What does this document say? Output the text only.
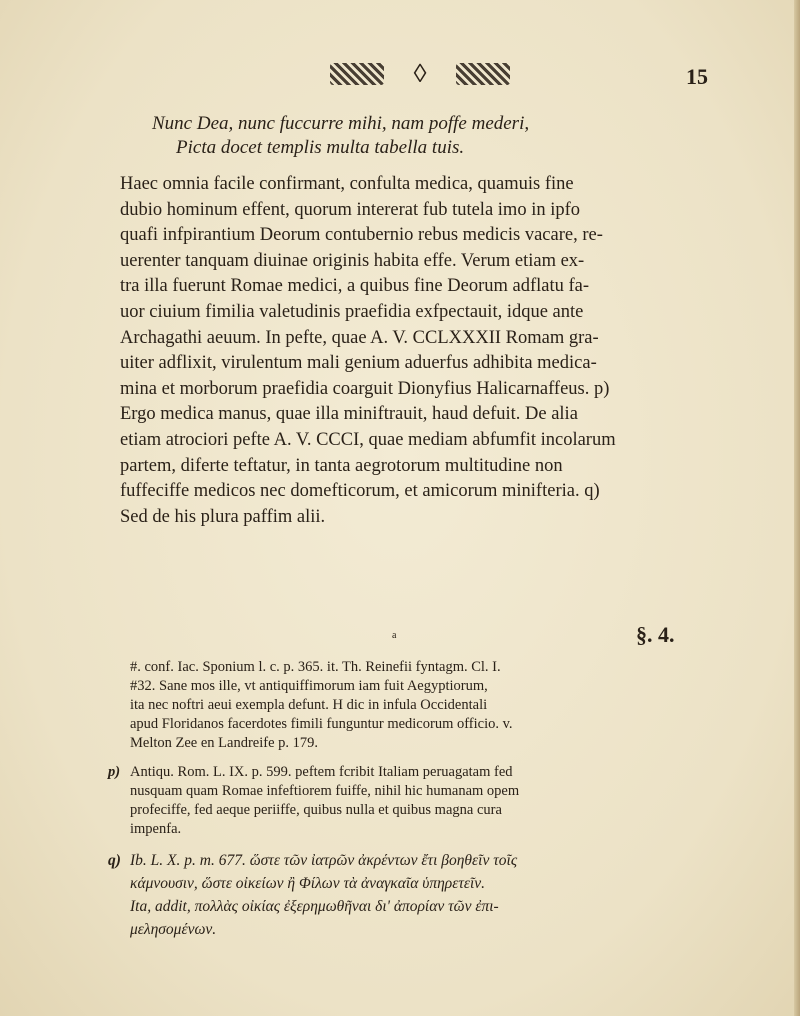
◊	15
Nunc Dea, nunc fuccurre mihi, nam poffe mederi,
Picta docet templis multa tabella tuis.
Haec omnia facile confirmant, confulta medica, quamuis fine
dubio hominum effent, quorum intererat fub tutela imo in ipfo
quafi infpirantium Deorum contubernio rebus medicis vacare, re-
uerenter tanquam diuinae originis habita effe. Verum etiam ex-
tra illa fuerunt Romae medici, a quibus fine Deorum adflatu fa-
uor ciuium fimilia valetudinis praefidia exfpectauit, idque ante
Archagathi aeuum. In pefte, quae A. V. CCLXXXII Romam gra-
uiter adflixit, virulentum mali genium aduerfus adhibita medica-
mina et morborum praefidia coarguit Dionyfius Halicarnaffeus. p)
Ergo medica manus, quae illa miniftrauit, haud defuit. De alia
etiam atrociori pefte A. V. CCCI, quae mediam abfumfit incolarum
partem, diferte teftatur, in tanta aegrotorum multitudine non
fuffeciffe medicos nec domefticorum, et amicorum minifteria. q)
Sed de his plura paffim alii.
a	§. 4.
#. conf. Iac. Sponium l. c. p. 365. it. Th. Reinefii fyntagm. Cl. I.
#32. Sane mos ille, vt antiquiffimorum iam fuit Aegyptiorum,
ita nec noftri aeui exempla defunt. H dic in infula Occidentali
apud Floridanos facerdotes fimili funguntur medicorum officio. v.
Melton Zee en Landreife p. 179.
p) Antiqu. Rom. L. IX. p. 599. peftem fcribit Italiam peruagatam fed
nusquam quam Romae infeftiorem fuiffe, nihil hic humanam opem
profeciffe, fed aeque periiffe, quibus nulla et quibus magna cura
impenfa.
q) Ib. L. X. p. m. 677. ὥστε τῶν ἰατρῶν ἀκρέντων ἔτι βοηθεῖν τοῖς
κάμνουσιν, ὥστε οἰκείων ἢ Φίλων τὰ ἀναγκαῖα ὑπηρετεῖν.
Ita, addit, πολλὰς οἰκίας ἐξερημωθῆναι δι' ἀπορίαν τῶν ἐπι-
μελησομένων.
